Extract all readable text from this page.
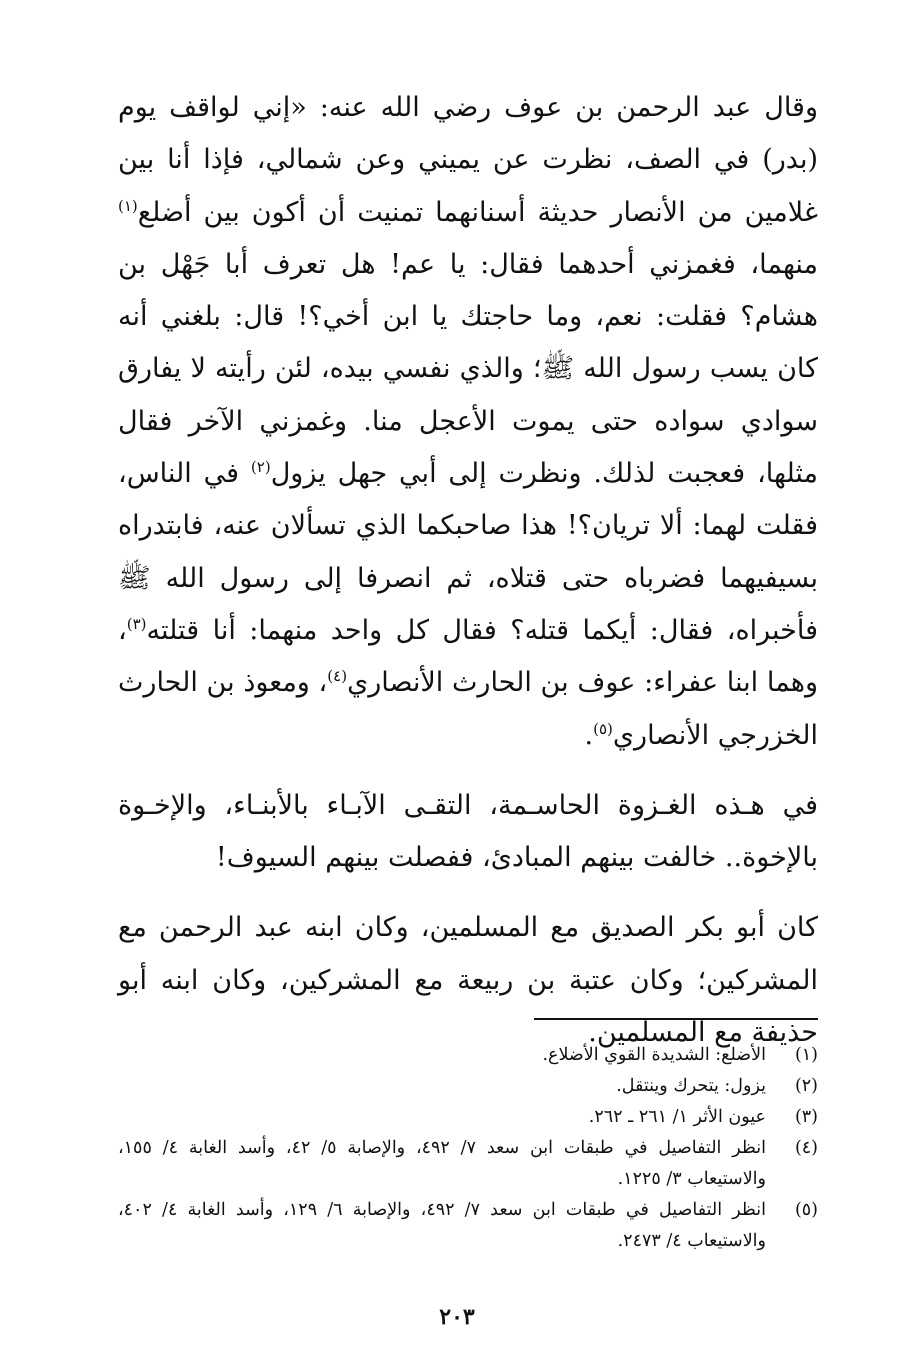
وقال عبد الرحمن بن عوف رضي الله عنه: «إني لواقف يوم (بدر) في الصف، نظرت عن يميني وعن شمالي، فإذا أنا بين غلامين من الأنصار حديثة أسنانهما تمنيت أن أكون بين أضلع$^{(١)}$ منهما، فغمزني أحدهما فقال: يا عم! هل تعرف أبا جَهْل بن هشام؟ فقلت: نعم، وما حاجتك يا ابن أخي؟! قال: بلغني أنه كان يسب رسول الله ﷺ؛ والذي نفسي بيده، لئن رأيته لا يفارق سوادي سواده حتى يموت الأعجل منا. وغمزني الآخر فقال مثلها، فعجبت لذلك. ونظرت إلى أبي جهل يزول$^{(٢)}$ في الناس، فقلت لهما: ألا تريان؟! هذا صاحبكما الذي تسألان عنه، فابتدراه بسيفيهما فضرباه حتى قتلاه، ثم انصرفا إلى رسول الله ﷺ فأخبراه، فقال: أيكما قتله؟ فقال كل واحد منهما: أنا قتلته$^{(٣)}$، وهما ابنا عفراء: عوف بن الحارث الأنصاري$^{(٤)}$، ومعوذ بن الحارث الخزرجي الأنصاري$^{(٥)}$.

في هـذه الغـزوة الحاسـمة، التقـى الآبـاء بالأبنـاء، والإخـوة بالإخوة.. خالفت بينهم المبادئ، ففصلت بينهم السيوف!

كان أبو بكر الصديق مع المسلمين، وكان ابنه عبد الرحمن مع المشركين؛ وكان عتبة بن ربيعة مع المشركين، وكان ابنه أبو حذيفة مع المسلمين.

(١)
الأضلع: الشديدة القوي الأضلاع.
(٢)
يزول: يتحرك وينتقل.
(٣)
عيون الأثر ١/ ٢٦١ ـ ٢٦٢.
(٤)
انظر التفاصيل في طبقات ابن سعد ٧/ ٤٩٢، والإصابة ٥/ ٤٢، وأسد الغابة ٤/ ١٥٥، والاستيعاب ٣/ ١٢٢٥.
(٥)
انظر التفاصيل في طبقات ابن سعد ٧/ ٤٩٢، والإصابة ٦/ ١٢٩، وأسد الغابة ٤/ ٤٠٢، والاستيعاب ٤/ ٢٤٧٣.
٢٠٣
